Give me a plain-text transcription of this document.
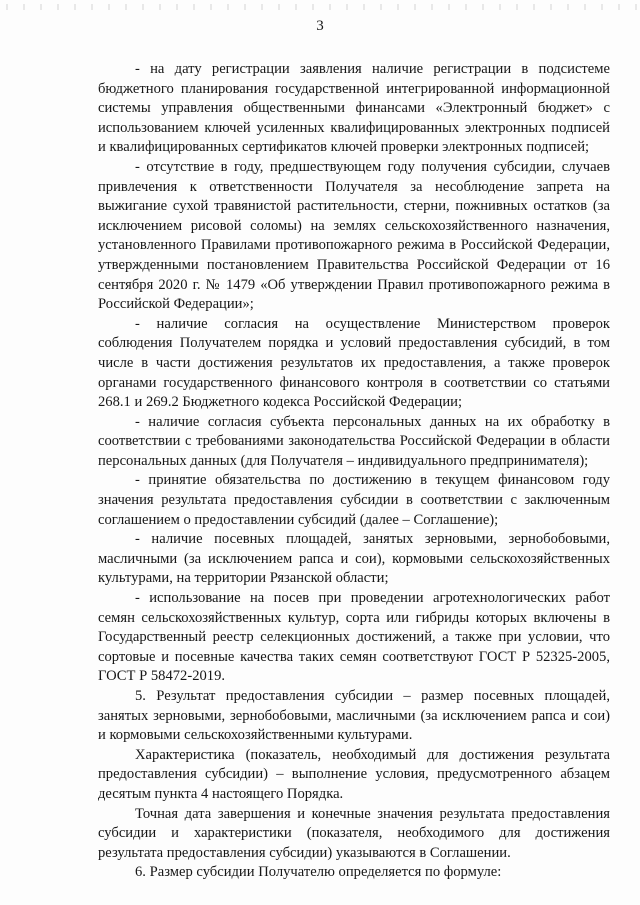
3

- на дату регистрации заявления наличие регистрации в подсистеме бюджетного планирования государственной интегрированной информационной системы управления общественными финансами «Электронный бюджет» с использованием ключей усиленных квалифицированных электронных подписей и квалифицированных сертификатов ключей проверки электронных подписей;

- отсутствие в году, предшествующем году получения субсидии, случаев привлечения к ответственности Получателя за несоблюдение запрета на выжигание сухой травянистой растительности, стерни, пожнивных остатков (за исключением рисовой соломы) на землях сельскохозяйственного назначения, установленного Правилами противопожарного режима в Российской Федерации, утвержденными постановлением Правительства Российской Федерации от 16 сентября 2020 г. № 1479 «Об утверждении Правил противопожарного режима в Российской Федерации»;

- наличие согласия на осуществление Министерством проверок соблюдения Получателем порядка и условий предоставления субсидий, в том числе в части достижения результатов их предоставления, а также проверок органами государственного финансового контроля в соответствии со статьями 268.1 и 269.2 Бюджетного кодекса Российской Федерации;

- наличие согласия субъекта персональных данных на их обработку в соответствии с требованиями законодательства Российской Федерации в области персональных данных (для Получателя – индивидуального предпринимателя);

- принятие обязательства по достижению в текущем финансовом году значения результата предоставления субсидии в соответствии с заключенным соглашением о предоставлении субсидий (далее – Соглашение);

- наличие посевных площадей, занятых зерновыми, зернобобовыми, масличными (за исключением рапса и сои), кормовыми сельскохозяйственных культурами, на территории Рязанской области;

- использование на посев при проведении агротехнологических работ семян сельскохозяйственных культур, сорта или гибриды которых включены в Государственный реестр селекционных достижений, а также при условии, что сортовые и посевные качества таких семян соответствуют ГОСТ Р 52325-2005, ГОСТ Р 58472-2019.

5. Результат предоставления субсидии – размер посевных площадей, занятых зерновыми, зернобобовыми, масличными (за исключением рапса и сои) и кормовыми сельскохозяйственными культурами.

Характеристика (показатель, необходимый для достижения результата предоставления субсидии) – выполнение условия, предусмотренного абзацем десятым пункта 4 настоящего Порядка.

Точная дата завершения и конечные значения результата предоставления субсидии и характеристики (показателя, необходимого для достижения результата предоставления субсидии) указываются в Соглашении.

6. Размер субсидии Получателю определяется по формуле:
